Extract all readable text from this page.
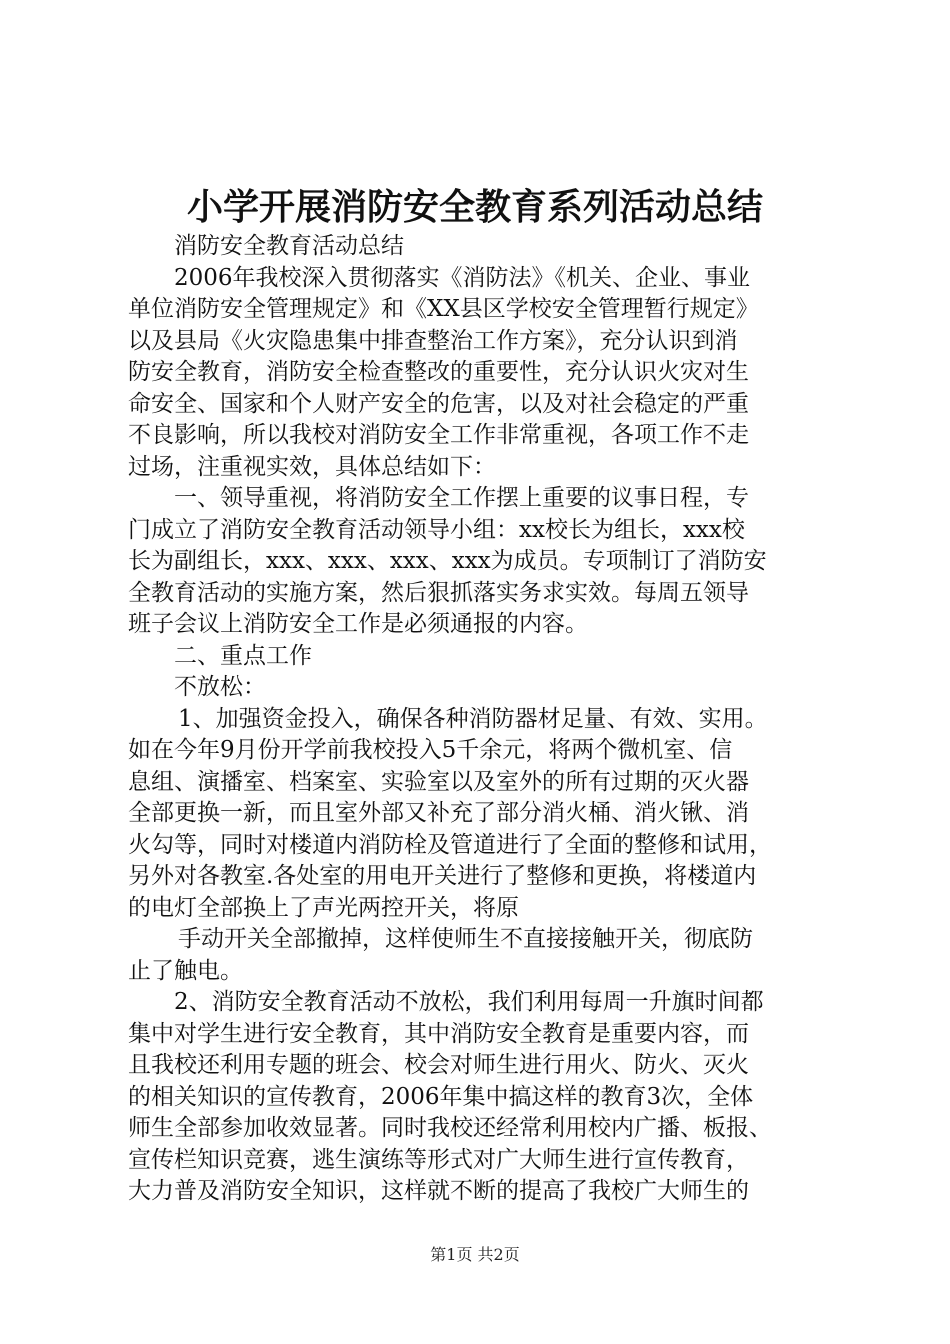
小学开展消防安全教育系列活动总结
消防安全教育活动总结
2006年我校深入贯彻落实《消防法》《机关、企业、事业
单位消防安全管理规定》和《XX县区学校安全管理暂行规定》
以及县局《火灾隐患集中排查整治工作方案》，充分认识到消
防安全教育，消防安全检查整改的重要性，充分认识火灾对生
命安全、国家和个人财产安全的危害，以及对社会稳定的严重
不良影响，所以我校对消防安全工作非常重视，各项工作不走
过场，注重视实效，具体总结如下：
一、领导重视，将消防安全工作摆上重要的议事日程，专
门成立了消防安全教育活动领导小组：xx校长为组长，xxx校
长为副组长，xxx、xxx、xxx、xxx为成员。专项制订了消防安
全教育活动的实施方案，然后狠抓落实务求实效。每周五领导
班子会议上消防安全工作是必须通报的内容。
二、重点工作
不放松：
1、加强资金投入，确保各种消防器材足量、有效、实用。
如在今年9月份开学前我校投入5千余元，将两个微机室、信
息组、演播室、档案室、实验室以及室外的所有过期的灭火器
全部更换一新，而且室外部又补充了部分消火桶、消火锹、消
火勾等，同时对楼道内消防栓及管道进行了全面的整修和试用，
另外对各教室.各处室的用电开关进行了整修和更换，将楼道内
的电灯全部换上了声光两控开关，将原
手动开关全部撤掉，这样使师生不直接接触开关，彻底防
止了触电。
2、消防安全教育活动不放松，我们利用每周一升旗时间都
集中对学生进行安全教育，其中消防安全教育是重要内容，而
且我校还利用专题的班会、校会对师生进行用火、防火、灭火
的相关知识的宣传教育，2006年集中搞这样的教育3次，全体
师生全部参加收效显著。同时我校还经常利用校内广播、板报、
宣传栏知识竞赛，逃生演练等形式对广大师生进行宣传教育，
大力普及消防安全知识，这样就不断的提高了我校广大师生的
第1页 共2页
